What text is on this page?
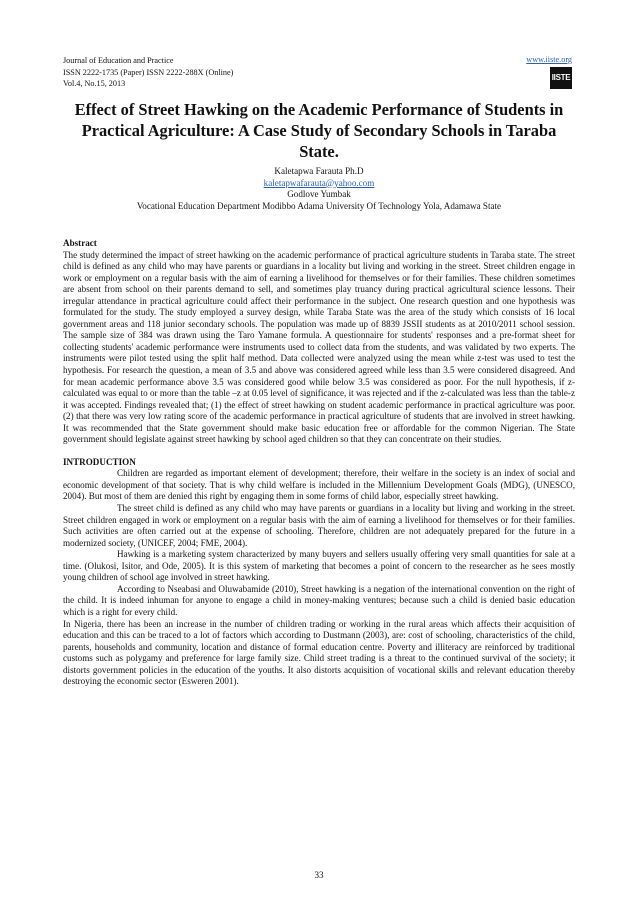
Journal of Education and Practice
ISSN 2222-1735 (Paper) ISSN 2222-288X (Online)
Vol.4, No.15, 2013
www.iiste.org
IISTE
Effect of Street Hawking on the Academic Performance of Students in Practical Agriculture: A Case Study of Secondary Schools in Taraba State.
Kaletapwa Farauta Ph.D
kaletapwafarauta@yahoo.com
Godlove Yumbak
Vocational Education Department Modibbo Adama University Of Technology Yola, Adamawa State
Abstract

The study determined the impact of street hawking on the academic performance of practical agriculture students in Taraba state. The street child is defined as any child who may have parents or guardians in a locality but living and working in the street. Street children engage in work or employment on a regular basis with the aim of earning a livelihood for themselves or for their families. These children sometimes are absent from school on their parents demand to sell, and sometimes play truancy during practical agricultural science lessons. Their irregular attendance in practical agriculture could affect their performance in the subject. One research question and one hypothesis was formulated for the study. The study employed a survey design, while Taraba State was the area of the study which consists of 16 local government areas and 118 junior secondary schools. The population was made up of 8839 JSSII students as at 2010/2011 school session. The sample size of 384 was drawn using the Taro Yamane formula. A questionnaire for students' responses and a pre-format sheet for collecting students' academic performance were instruments used to collect data from the students, and was validated by two experts. The instruments were pilot tested using the split half method. Data collected were analyzed using the mean while z-test was used to test the hypothesis. For research the question, a mean of 3.5 and above was considered agreed while less than 3.5 were considered disagreed. And for mean academic performance above 3.5 was considered good while below 3.5 was considered as poor. For the null hypothesis, if z-calculated was equal to or more than the table –z at 0.05 level of significance, it was rejected and if the z-calculated was less than the table-z it was accepted. Findings revealed that; (1) the effect of street hawking on student academic performance in practical agriculture was poor. (2) that there was very low rating score of the academic performance in practical agriculture of students that are involved in street hawking. It was recommended that the State government should make basic education free or affordable for the common Nigerian. The State government should legislate against street hawking by school aged children so that they can concentrate on their studies.

INTRODUCTION

Children are regarded as important element of development; therefore, their welfare in the society is an index of social and economic development of that society. That is why child welfare is included in the Millennium Development Goals (MDG), (UNESCO, 2004). But most of them are denied this right by engaging them in some forms of child labor, especially street hawking.

The street child is defined as any child who may have parents or guardians in a locality but living and working in the street. Street children engaged in work or employment on a regular basis with the aim of earning a livelihood for themselves or for their families. Such activities are often carried out at the expense of schooling. Therefore, children are not adequately prepared for the future in a modernized society, (UNICEF, 2004; FME, 2004).

Hawking is a marketing system characterized by many buyers and sellers usually offering very small quantities for sale at a time. (Olukosi, Isitor, and Ode, 2005). It is this system of marketing that becomes a point of concern to the researcher as he sees mostly young children of school age involved in street hawking.

According to Nseabasi and Oluwabamide (2010), Street hawking is a negation of the international convention on the right of the child. It is indeed inhuman for anyone to engage a child in money-making ventures; because such a child is denied basic education which is a right for every child.

In Nigeria, there has been an increase in the number of children trading or working in the rural areas which affects their acquisition of education and this can be traced to a lot of factors which according to Dustmann (2003), are: cost of schooling, characteristics of the child, parents, households and community, location and distance of formal education centre. Poverty and illiteracy are reinforced by traditional customs such as polygamy and preference for large family size. Child street trading is a threat to the continued survival of the society; it distorts government policies in the education of the youths. It also distorts acquisition of vocational skills and relevant education thereby destroying the economic sector (Esweren 2001).

33
